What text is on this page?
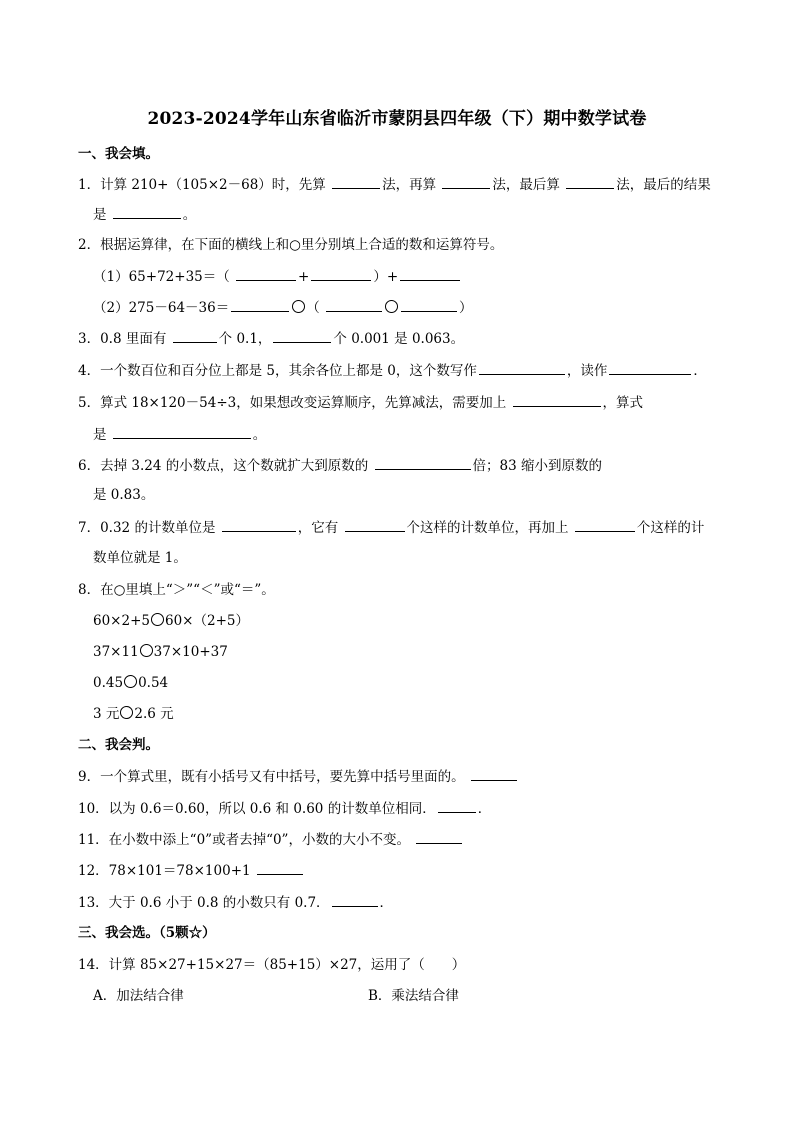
2023-2024学年山东省临沂市蒙阴县四年级（下）期中数学试卷
一、我会填。
1．计算 210+（105×2－68）时，先算	法，再算	法，最后算	法，最后的结果
是	。
2．根据运算律，在下面的横线上和○里分别填上合适的数和运算符号。
（1）65+72+35＝（	+	）+
（2）275－64－36＝	（	）
3．0.8 里面有	个 0.1，	个 0.001 是 0.063。
4．一个数百位和百分位上都是 5，其余各位上都是 0，这个数写作	，读作	．
5．算式 18×120－54÷3，如果想改变运算顺序，先算减法，需要加上	，算式
是	。
6．去掉 3.24 的小数点，这个数就扩大到原数的	倍；83 缩小到原数的
是 0.83。
7．0.32 的计数单位是	，它有	个这样的计数单位，再加上	个这样的计
数单位就是 1。
8．在○里填上“＞”“＜”或“＝”。
60×2+5 60×（2+5）
37×11 37×10+37
0.45 0.54
3 元 2.6 元
二、我会判。
9．一个算式里，既有小括号又有中括号，要先算中括号里面的。
10．以为 0.6＝0.60，所以 0.6 和 0.60 的计数单位相同．	．
11．在小数中添上“0”或者去掉“0”，小数的大小不变。
12．78×101＝78×100+1
13．大于 0.6 小于 0.8 的小数只有 0.7．	．
三、我会选。（5颗☆）
14．计算 85×27+15×27＝（85+15）×27，运用了（　　）
A．加法结合律	B．乘法结合律
